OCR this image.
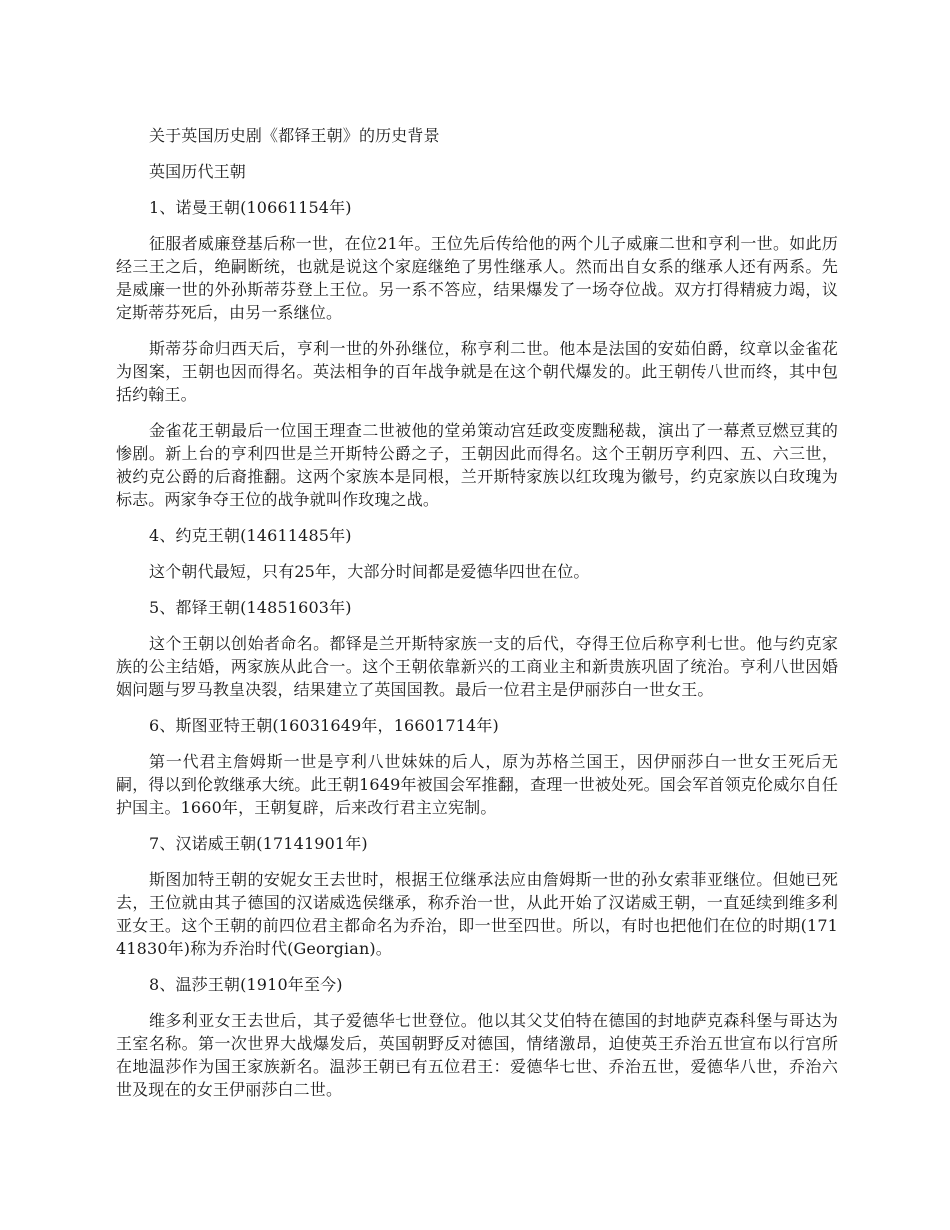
关于英国历史剧《都铎王朝》的历史背景

英国历代王朝

1、诺曼王朝(10661154年)

征服者威廉登基后称一世，在位21年。王位先后传给他的两个儿子威廉二世和亨利一世。如此历经三王之后，绝嗣断统，也就是说这个家庭继绝了男性继承人。然而出自女系的继承人还有两系。先是威廉一世的外孙斯蒂芬登上王位。另一系不答应，结果爆发了一场夺位战。双方打得精疲力竭，议定斯蒂芬死后，由另一系继位。

斯蒂芬命归西天后，亨利一世的外孙继位，称亨利二世。他本是法国的安茹伯爵，纹章以金雀花为图案，王朝也因而得名。英法相争的百年战争就是在这个朝代爆发的。此王朝传八世而终，其中包括约翰王。

金雀花王朝最后一位国王理查二世被他的堂弟策动宫廷政变废黜秘裁，演出了一幕煮豆燃豆萁的惨剧。新上台的亨利四世是兰开斯特公爵之子，王朝因此而得名。这个王朝历亨利四、五、六三世，被约克公爵的后裔推翻。这两个家族本是同根，兰开斯特家族以红玫瑰为徽号，约克家族以白玫瑰为标志。两家争夺王位的战争就叫作玫瑰之战。

4、约克王朝(14611485年)

这个朝代最短，只有25年，大部分时间都是爱德华四世在位。

5、都铎王朝(14851603年)

这个王朝以创始者命名。都铎是兰开斯特家族一支的后代，夺得王位后称亨利七世。他与约克家族的公主结婚，两家族从此合一。这个王朝依靠新兴的工商业主和新贵族巩固了统治。亨利八世因婚姻问题与罗马教皇决裂，结果建立了英国国教。最后一位君主是伊丽莎白一世女王。

6、斯图亚特王朝(16031649年，16601714年)

第一代君主詹姆斯一世是亨利八世妹妹的后人，原为苏格兰国王，因伊丽莎白一世女王死后无嗣，得以到伦敦继承大统。此王朝1649年被国会军推翻，查理一世被处死。国会军首领克伦威尔自任护国主。1660年，王朝复辟，后来改行君主立宪制。

7、汉诺威王朝(17141901年)

斯图加特王朝的安妮女王去世时，根据王位继承法应由詹姆斯一世的孙女索菲亚继位。但她已死去，王位就由其子德国的汉诺威选侯继承，称乔治一世，从此开始了汉诺威王朝，一直延续到维多利亚女王。这个王朝的前四位君主都命名为乔治，即一世至四世。所以，有时也把他们在位的时期(17141830年)称为乔治时代(Georgian)。

8、温莎王朝(1910年至今)

维多利亚女王去世后，其子爱德华七世登位。他以其父艾伯特在德国的封地萨克森科堡与哥达为王室名称。第一次世界大战爆发后，英国朝野反对德国，情绪激昂，迫使英王乔治五世宣布以行宫所在地温莎作为国王家族新名。温莎王朝已有五位君王：爱德华七世、乔治五世，爱德华八世，乔治六世及现在的女王伊丽莎白二世。
